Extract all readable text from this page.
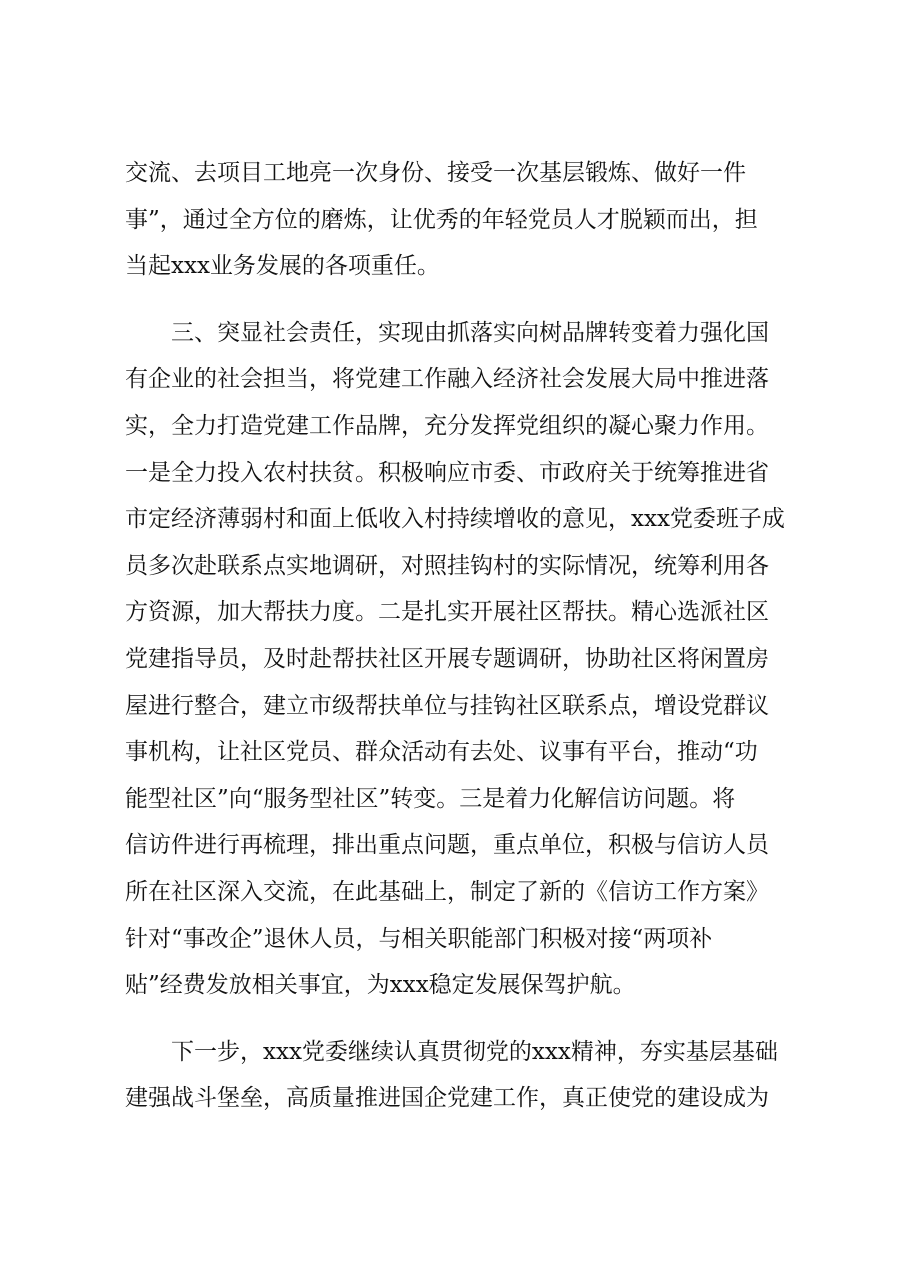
交流、去项目工地亮一次身份、接受一次基层锻炼、做好一件
事”，通过全方位的磨炼，让优秀的年轻党员人才脱颖而出，担
当起xxx业务发展的各项重任。
　　三、突显社会责任，实现由抓落实向树品牌转变着力强化国
有企业的社会担当，将党建工作融入经济社会发展大局中推进落
实，全力打造党建工作品牌，充分发挥党组织的凝心聚力作用。
一是全力投入农村扶贫。积极响应市委、市政府关于统筹推进省
市定经济薄弱村和面上低收入村持续增收的意见，xxx党委班子成
员多次赴联系点实地调研，对照挂钩村的实际情况，统筹利用各
方资源，加大帮扶力度。二是扎实开展社区帮扶。精心选派社区
党建指导员，及时赴帮扶社区开展专题调研，协助社区将闲置房
屋进行整合，建立市级帮扶单位与挂钩社区联系点，增设党群议
事机构，让社区党员、群众活动有去处、议事有平台，推动“功
能型社区”向“服务型社区”转变。三是着力化解信访问题。将
信访件进行再梳理，排出重点问题，重点单位，积极与信访人员
所在社区深入交流，在此基础上，制定了新的《信访工作方案》
针对“事改企”退休人员，与相关职能部门积极对接“两项补
贴”经费发放相关事宜，为xxx稳定发展保驾护航。
　　下一步，xxx党委继续认真贯彻党的xxx精神，夯实基层基础
建强战斗堡垒，高质量推进国企党建工作，真正使党的建设成为
